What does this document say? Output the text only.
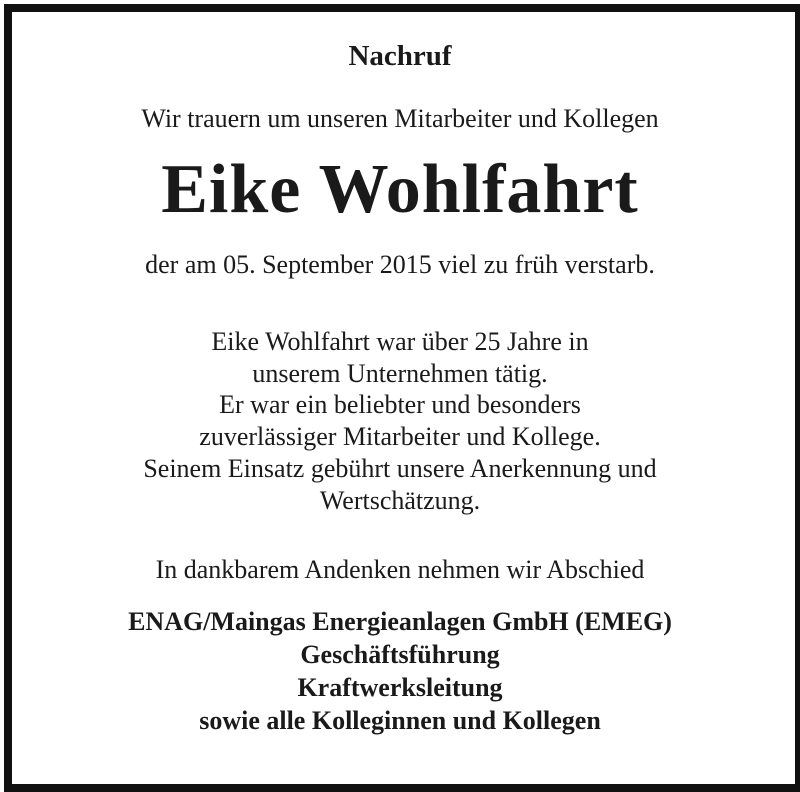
Nachruf
Wir trauern um unseren Mitarbeiter und Kollegen
Eike Wohlfahrt
der am 05. September 2015 viel zu früh verstarb.
Eike Wohlfahrt war über 25 Jahre in
unserem Unternehmen tätig.
Er war ein beliebter und besonders
zuverlässiger Mitarbeiter und Kollege.
Seinem Einsatz gebührt unsere Anerkennung und
Wertschätzung.
In dankbarem Andenken nehmen wir Abschied
ENAG/Maingas Energieanlagen GmbH (EMEG)
Geschäftsführung
Kraftwerksleitung
sowie alle Kolleginnen und Kollegen
